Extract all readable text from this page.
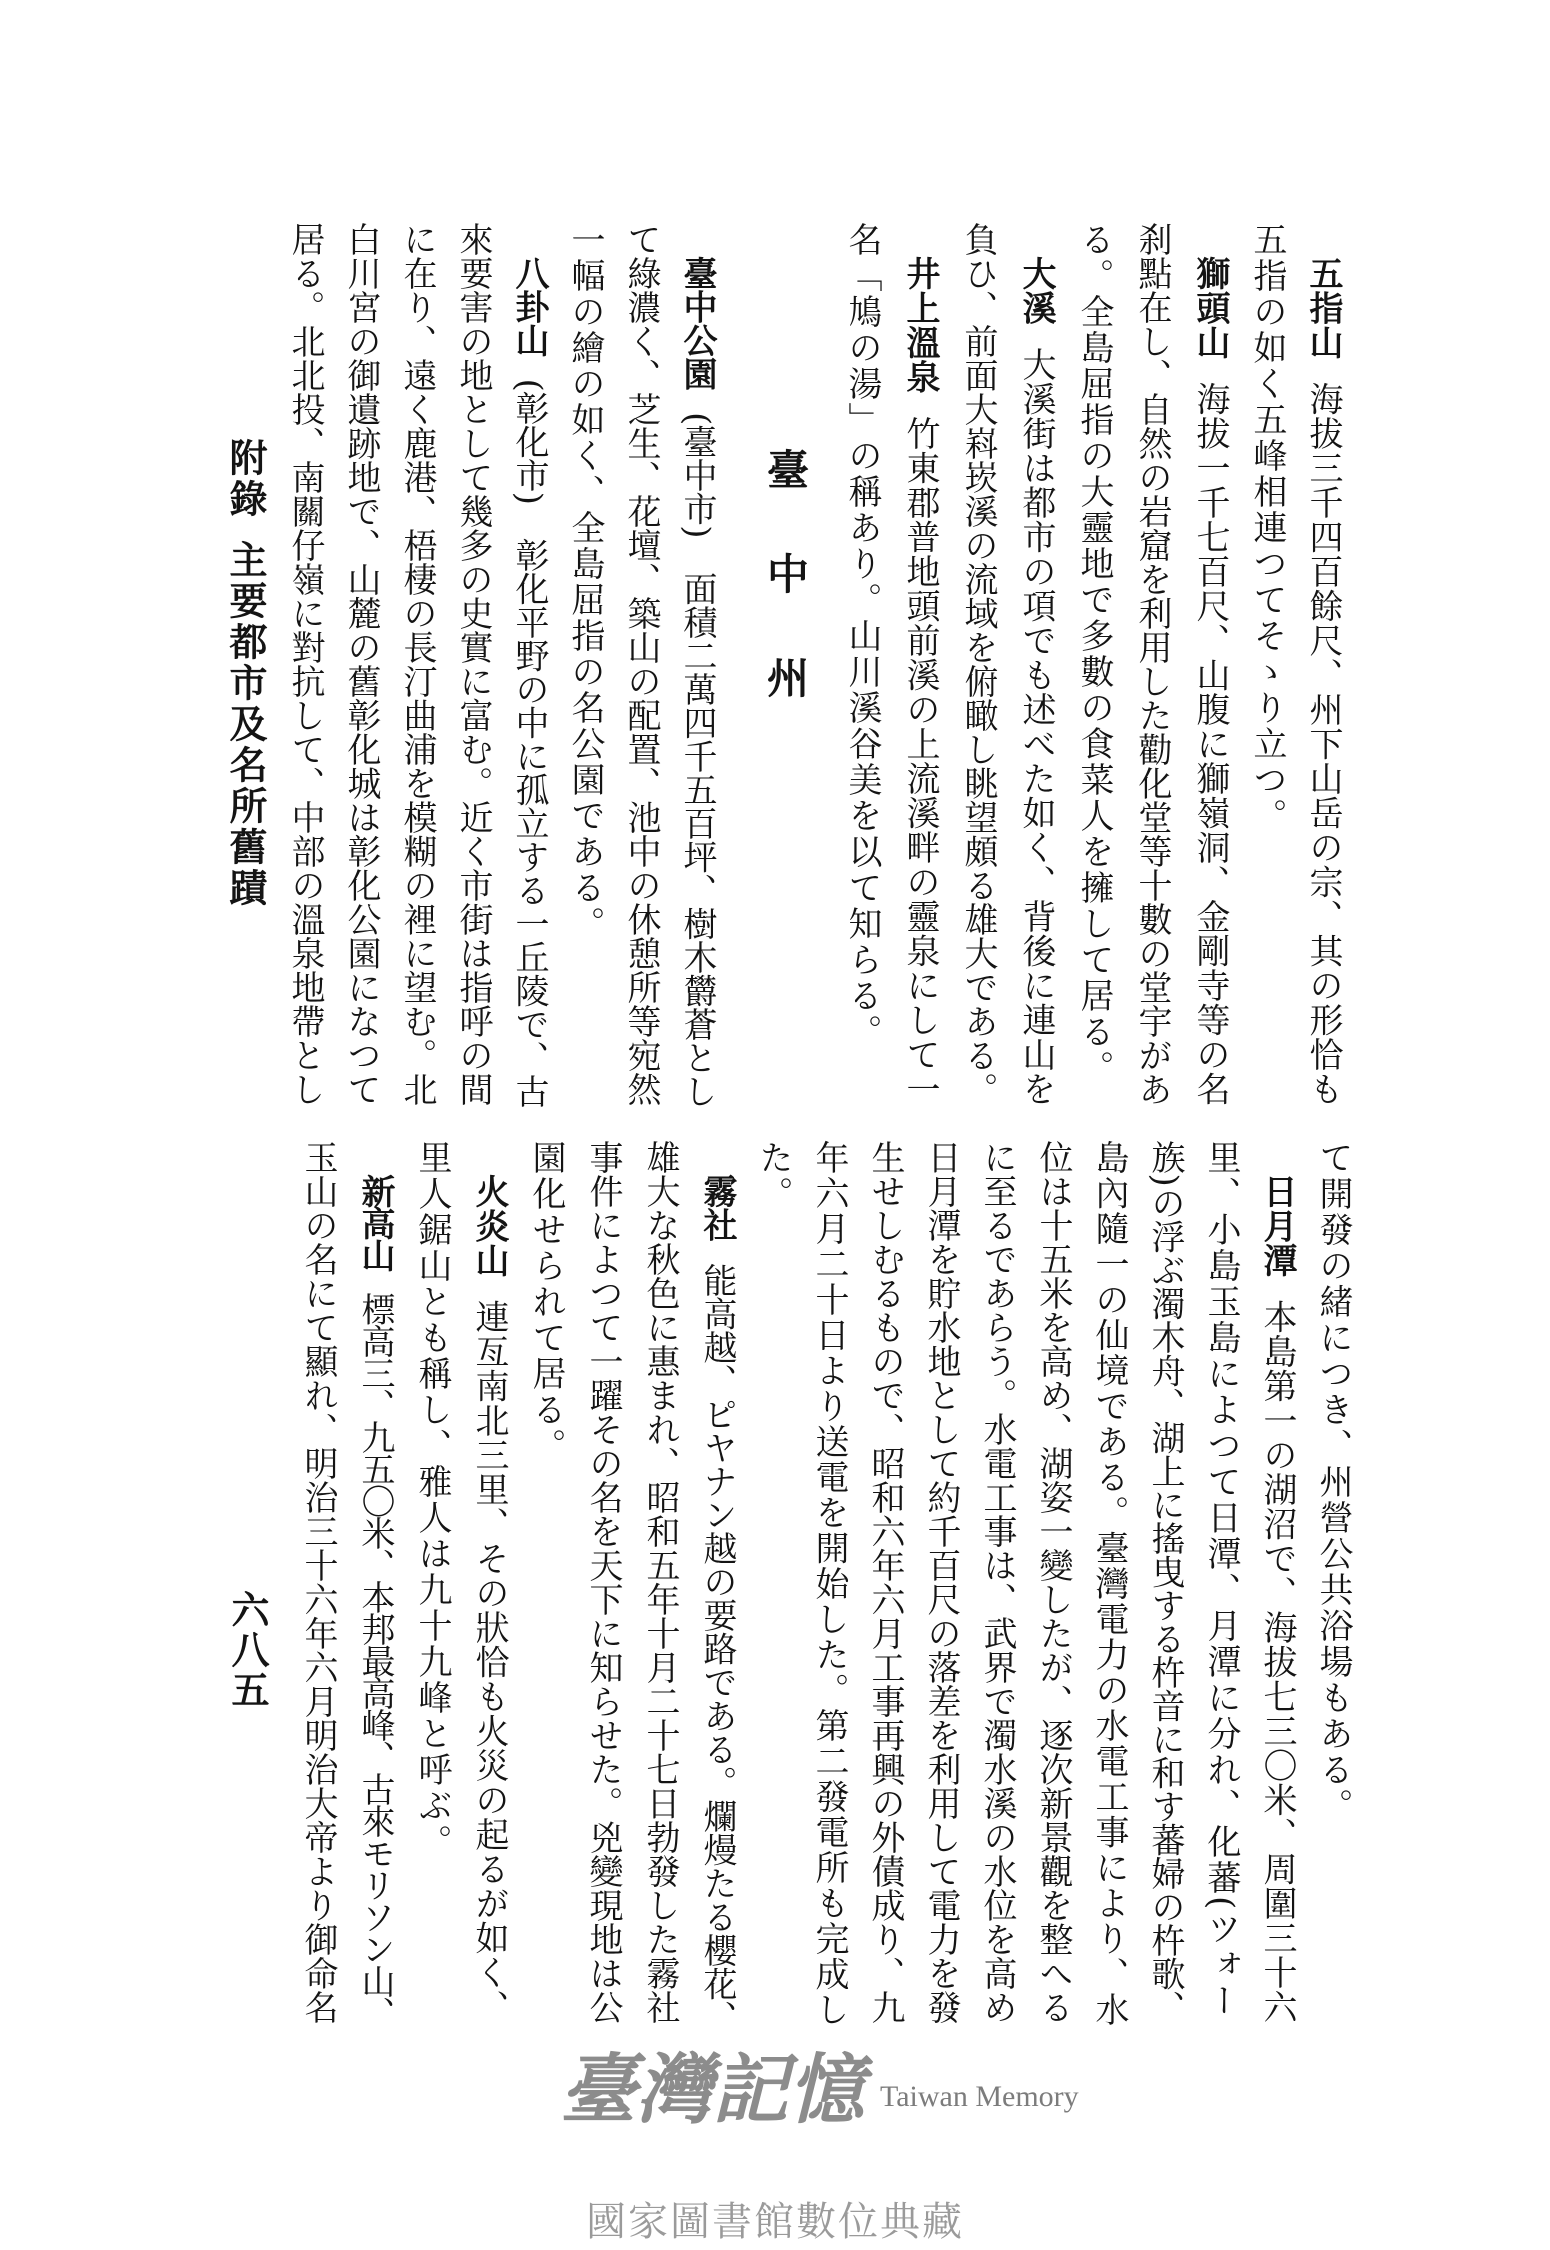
臺中州
附錄
主要都市及名所舊蹟
六八五
五指山海拔三千四百餘尺、州下山岳の宗、其の形恰も
五指の如く五峰相連つてそゝり立つ。
獅頭山海拔一千七百尺、山腹に獅嶺洞、金剛寺等の名
刹點在し、自然の岩窟を利用した勸化堂等十數の堂宇があ
る。全島屈指の大靈地で多數の食菜人を擁して居る。
大溪大溪街は都市の項でも述べた如く、背後に連山を
負ひ、前面大嵙崁溪の流域を俯瞰し眺望頗る雄大である。
井上溫泉竹東郡普地頭前溪の上流溪畔の靈泉にして一
名「鳩の湯」の稱あり。山川溪谷美を以て知らる。
臺中公園(臺中市)　面積二萬四千五百坪、樹木欝蒼とし
て綠濃く、芝生、花壇、築山の配置、池中の休憩所等宛然
一幅の繪の如く、全島屈指の名公園である。
八卦山(彰化市)　彰化平野の中に孤立する一丘陵で、古
來要害の地として幾多の史實に富む。近く市街は指呼の間
に在り、遠く鹿港、梧棲の長汀曲浦を模糊の裡に望む。北
白川宮の御遺跡地で、山麓の舊彰化城は彰化公園になつて
居る。北北投、南關仔嶺に對抗して、中部の溫泉地帶とし
て開發の緒につき、州營公共浴場もある。
日月潭本島第一の湖沼で、海拔七三〇米、周圍三十六
里、小島玉島によつて日潭、月潭に分れ、化蕃(ツォー
族)の浮ぶ濁木舟、湖上に搖曳する杵音に和す蕃婦の杵歌、
島內隨一の仙境である。臺灣電力の水電工事により、水
位は十五米を高め、湖姿一變したが、逐次新景觀を整へる
に至るであらう。水電工事は、武界で濁水溪の水位を高め
日月潭を貯水地として約千百尺の落差を利用して電力を發
生せしむるもので、昭和六年六月工事再興の外債成り、九
年六月二十日より送電を開始した。第二發電所も完成し
た。
霧社能高越、ピヤナン越の要路である。爛熳たる櫻花、
雄大な秋色に惠まれ、昭和五年十月二十七日勃發した霧社
事件によつて一躍その名を天下に知らせた。兇變現地は公
園化せられて居る。
火炎山連亙南北三里、その狀恰も火災の起るが如く、
里人鋸山とも稱し、雅人は九十九峰と呼ぶ。
新高山標高三、九五〇米、本邦最高峰、古來モリソン山、
玉山の名にて顯れ、明治三十六年六月明治大帝より御命名
臺灣記憶 Taiwan Memory
國家圖書館數位典藏
